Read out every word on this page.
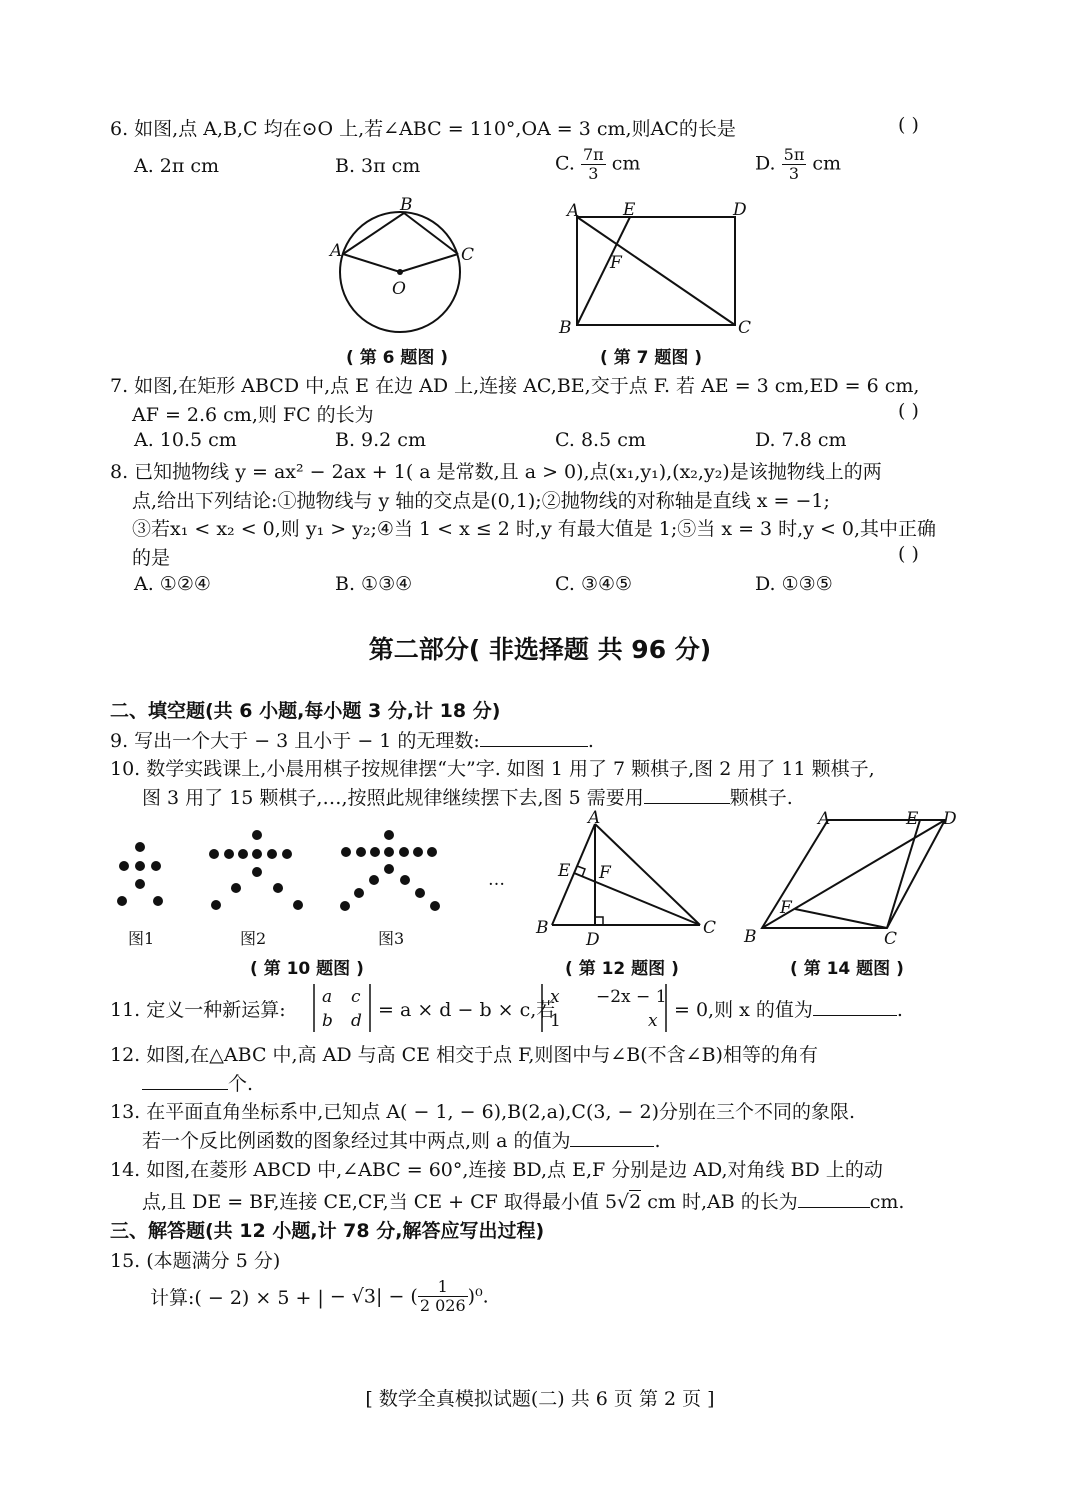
6. 如图,点 A,B,C 均在⊙O 上,若∠ABC = 110°,OA = 3 cm,则AC的长是	( )
A. 2π cm	B. 3π cm	C. $\frac{7\pi}{3}$ cm	D. $\frac{5\pi}{3}$ cm
B
A	C
O
( 第 6 题图 )
A	E	D
F
B	C
( 第 7 题图 )
7. 如图,在矩形 ABCD 中,点 E 在边 AD 上,连接 AC,BE,交于点 F. 若 AE = 3 cm,ED = 6 cm,
AF = 2.6 cm,则 FC 的长为	( )
A. 10.5 cm	B. 9.2 cm	C. 8.5 cm	D. 7.8 cm
8. 已知抛物线 y = ax² − 2ax + 1( a 是常数,且 a > 0),点(x₁,y₁),(x₂,y₂)是该抛物线上的两
点,给出下列结论:①抛物线与 y 轴的交点是(0,1);②抛物线的对称轴是直线 x = −1;
③若x₁ < x₂ < 0,则 y₁ > y₂;④当 1 < x ≤ 2 时,y 有最大值是 1;⑤当 x = 3 时,y < 0,其中正确
的是	( )
A. ①②④	B. ①③④	C. ③④⑤	D. ①③⑤
第二部分( 非选择题 共 96 分)
二、填空题(共 6 小题,每小题 3 分,计 18 分)
9. 写出一个大于 − 3 且小于 − 1 的无理数:	.
10. 数学实践课上,小晨用棋子按规律摆“大”字. 如图 1 用了 7 颗棋子,图 2 用了 11 颗棋子,
图 3 用了 15 颗棋子,…,按照此规律继续摆下去,图 5 需要用	颗棋子.
…
图1	图2	图3
( 第 10 题图 )
A
E F
B
D
C
( 第 12 题图 )
A	E D
F
B	C
( 第 14 题图 )
11. 定义一种新运算:
a c
b d = a × d − b × c,若
x −2x − 1
1	x = 0,则 x 的值为	.
12. 如图,在△ABC 中,高 AD 与高 CE 相交于点 F,则图中与∠B(不含∠B)相等的角有
个.
13. 在平面直角坐标系中,已知点 A( − 1, − 6),B(2,a),C(3, − 2)分别在三个不同的象限.
若一个反比例函数的图象经过其中两点,则 a 的值为	.
14. 如图,在菱形 ABCD 中,∠ABC = 60°,连接 BD,点 E,F 分别是边 AD,对角线 BD 上的动
点,且 DE = BF,连接 CE,CF,当 CE + CF 取得最小值 5√2 cm 时,AB 的长为	cm.
三、解答题(共 12 小题,计 78 分,解答应写出过程)
15. (本题满分 5 分)
计算:( − 2) × 5 + | − √3| − ( $\frac{1}{2 026} )^0$.
[ 数学全真模拟试题(二) 共 6 页 第 2 页 ]
